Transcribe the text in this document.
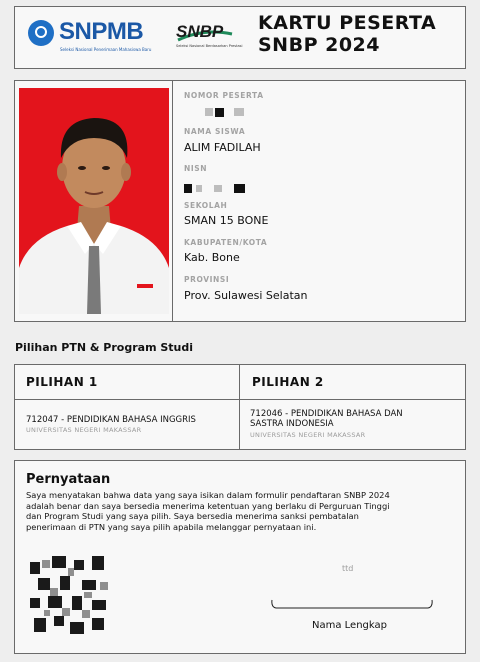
SNPMB
Seleksi Nasional Penerimaan Mahasiswa Baru
SNBP
Seleksi Nasional Berdasarkan Prestasi
KARTU PESERTA
SNBP 2024
NOMOR PESERTA
NAMA SISWA
ALIM FADILAH
NISN
SEKOLAH
SMAN 15 BONE
KABUPATEN/KOTA
Kab. Bone
PROVINSI
Prov. Sulawesi Selatan
Pilihan PTN & Program Studi
PILIHAN 1	PILIHAN 2
712047 - PENDIDIKAN BAHASA INGGRIS
UNIVERSITAS NEGERI MAKASSAR
712046 - PENDIDIKAN BAHASA DAN
SASTRA INDONESIA
UNIVERSITAS NEGERI MAKASSAR
Pernyataan
Saya menyatakan bahwa data yang saya isikan dalam formulir pendaftaran SNBP 2024
adalah benar dan saya bersedia menerima ketentuan yang berlaku di Perguruan Tinggi
dan Program Studi yang saya pilih. Saya bersedia menerima sanksi pembatalan
penerimaan di PTN yang saya pilih apabila melanggar pernyataan ini.
ttd
Nama Lengkap
